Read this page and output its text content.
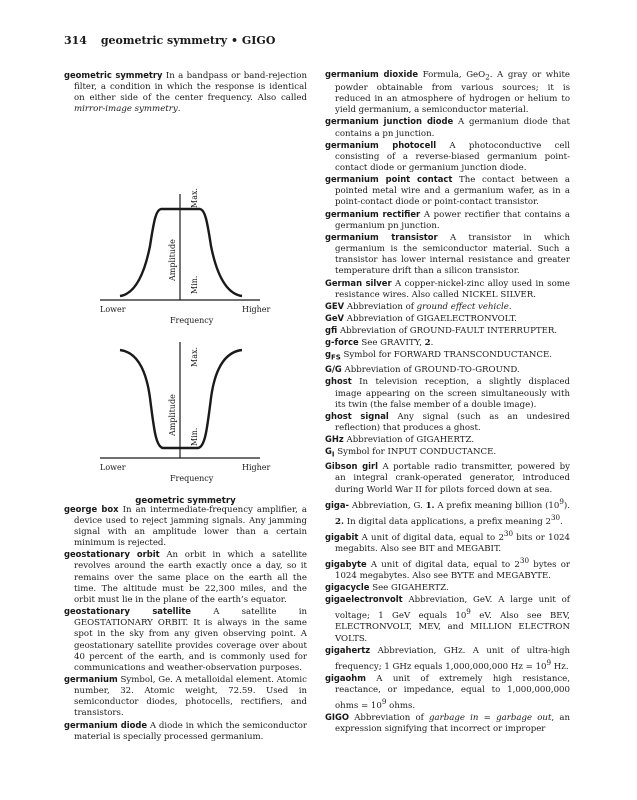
314 geometric symmetry • GIGO

geometric symmetry In a bandpass or band-rejection filter, a condition in which the response is identical on either side of the center frequency. Also called mirror-image symmetry.

Max.
Amplitude
Min.
Lower	Higher
Frequency
Max.
Amplitude
Min.
Lower	Higher
Frequency
geometric symmetry

george box In an intermediate-frequency amplifier, a device used to reject jamming signals. Any jamming signal with an amplitude lower than a certain minimum is rejected.

geostationary orbit An orbit in which a satellite revolves around the earth exactly once a day, so it remains over the same place on the earth all the time. The altitude must be 22,300 miles, and the orbit must lie in the plane of the earth’s equator.

geostationary satellite	A satellite in GEOSTATIONARY ORBIT. It is always in the same spot in the sky from any given observing point. A geostationary satellite provides coverage over about 40 percent of the earth, and is commonly used for communications and weather-observation purposes.

germanium Symbol, Ge. A metalloidal element. Atomic number, 32. Atomic weight, 72.59. Used in semiconductor diodes, photocells, rectifiers, and transistors.

germanium diode A diode in which the semiconductor material is specially processed germanium.

germanium dioxide Formula, GeO$_2$. A gray or white powder obtainable from various sources; it is reduced in an atmosphere of hydrogen or helium to yield germanium, a semiconductor material.

germanium junction diode A germanium diode that contains a pn junction.

germanium photocell A photoconductive cell consisting of a reverse-biased germanium point-contact diode or germanium junction diode.

germanium point contact The contact between a pointed metal wire and a germanium wafer, as in a point-contact diode or point-contact transistor.

germanium rectifier A power rectifier that contains a germanium pn junction.

germanium transistor A transistor in which germanium is the semiconductor material. Such a transistor has lower internal resistance and greater temperature drift than a silicon transistor.

German silver A copper-nickel-zinc alloy used in some resistance wires. Also called NICKEL SILVER.

GEV Abbreviation of ground effect vehicle.

GeV Abbreviation of GIGAELECTRONVOLT.

gfi Abbreviation of GROUND-FAULT INTERRUPTER.

g-force See GRAVITY, 2.

$g_{FS}$ Symbol for FORWARD TRANSCONDUCTANCE.

G/G Abbreviation of GROUND-TO-GROUND.

ghost In television reception, a slightly displaced image appearing on the screen simultaneously with its twin (the false member of a double image).

ghost signal Any signal (such as an undesired reflection) that produces a ghost.

GHz Abbreviation of GIGAHERTZ.

$G_I$ Symbol for INPUT CONDUCTANCE.

Gibson girl A portable radio transmitter, powered by an integral crank-operated generator, introduced during World War II for pilots forced down at sea.

giga- Abbreviation, G. 1. A prefix meaning billion $(10^9)$. 2. In digital data applications, a prefix meaning $2^{30}$.

gigabit A unit of digital data, equal to $2^{30}$ bits or 1024 megabits. Also see BIT and MEGABIT.

gigabyte A unit of digital data, equal to $2^{30}$ bytes or 1024 megabytes. Also see BYTE and MEGABYTE.

gigacycle See GIGAHERTZ.

gigaelectronvolt Abbreviation, GeV. A large unit of voltage; 1 GeV equals $10^9$ eV. Also see BEV, ELECTRONVOLT, MEV, and MILLION ELECTRON VOLTS.

gigahertz Abbreviation, GHz. A unit of ultra-high frequency; 1 GHz equals 1,000,000,000 $Hz = 10^9$ Hz.

gigaohm A unit of extremely high resistance, reactance, or impedance, equal to 1,000,000,000 ohms = $10^9$ ohms.

GIGO Abbreviation of garbage in = garbage out, an expression signifying that incorrect or improper
